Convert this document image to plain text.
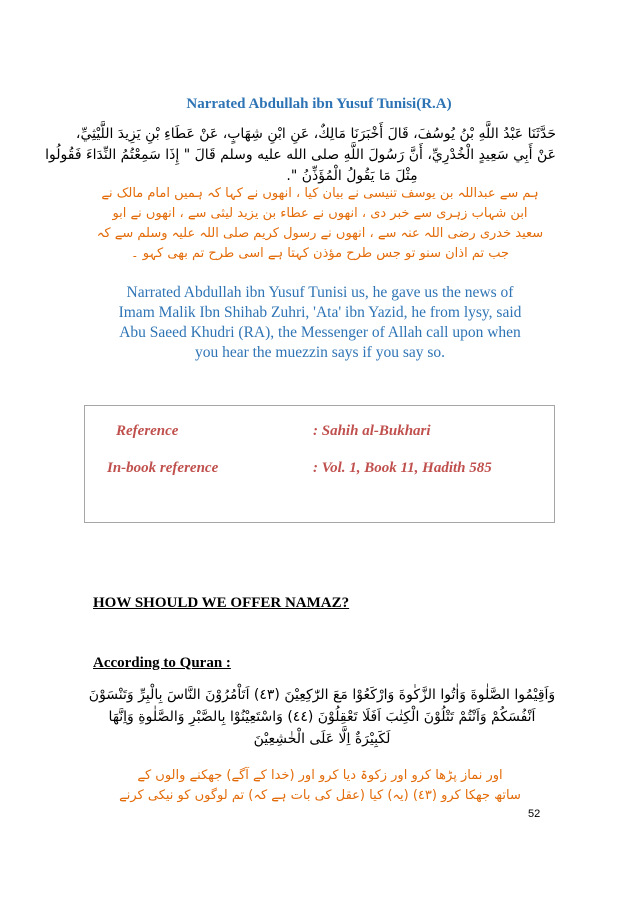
Narrated Abdullah ibn Yusuf Tunisi(R.A)
حَدَّثَنَا عَبْدُ اللَّهِ بْنُ يُوسُفَ، قَالَ أَخْبَرَنَا مَالِكٌ، عَنِ ابْنِ شِهَابٍ، عَنْ عَطَاءِ بْنِ يَزِيدَ اللَّيْثِيِّ،
عَنْ أَبِي سَعِيدٍ الْخُدْرِيِّ، أَنَّ رَسُولَ اللَّهِ صلى الله عليه وسلم قَالَ " إِذَا سَمِعْتُمُ النِّدَاءَ فَقُولُوا
مِثْلَ مَا يَقُولُ الْمُؤَذِّنُ ".
ہم سے عبداللہ بن یوسف تنیسی نے بیان کیا ، انھوں نے کہا کہ ہمیں امام مالک نے
ابن شہاب زہری سے خبر دی ، انھوں نے عطاء بن یزید لیثی سے ، انھوں نے ابو
سعید خدری رضی اللہ عنہ سے ، انھوں نے رسول کریم صلی اللہ علیہ وسلم سے کہ
جب تم اذان سنو تو جس طرح مؤذن کہتا ہے اسی طرح تم بھی کہو ۔
Narrated Abdullah ibn Yusuf Tunisi us, he gave us the news of
Imam Malik Ibn Shihab Zuhri, 'Ata' ibn Yazid, he from lysy, said
Abu Saeed Khudri (RA), the Messenger of Allah call upon when
you hear the muezzin says if you say so.
Reference	: Sahih al-Bukhari
In-book reference	: Vol. 1, Book 11, Hadith 585
HOW SHOULD WE OFFER NAMAZ?
According to Quran :
وَاَقِيْمُوا الصَّلٰوةَ وَاٰتُوا الزَّكٰوةَ وَارْكَعُوْا مَعَ الرّٰكِعِيْنَ (٤٣) اَتَاْمُرُوْنَ النَّاسَ بِالْبِرِّ وَتَنْسَوْنَ
اَنْفُسَكُمْ وَاَنْتُمْ تَتْلُوْنَ الْكِتٰبَ اَفَلَا تَعْقِلُوْنَ (٤٤) وَاسْتَعِيْنُوْا بِالصَّبْرِ وَالصَّلٰوةِ وَاِنَّهَا
لَكَبِيْرَةٌ اِلَّا عَلَى الْخٰشِعِيْنَ
اور نماز پڑھا کرو اور زکوۃ دیا کرو اور (خدا کے آگے) جھکنے والوں کے
ساتھ جھکا کرو (٤٣) (یہ) کیا (عقل کی بات ہے کہ) تم لوگوں کو نیکی کرنے
52
